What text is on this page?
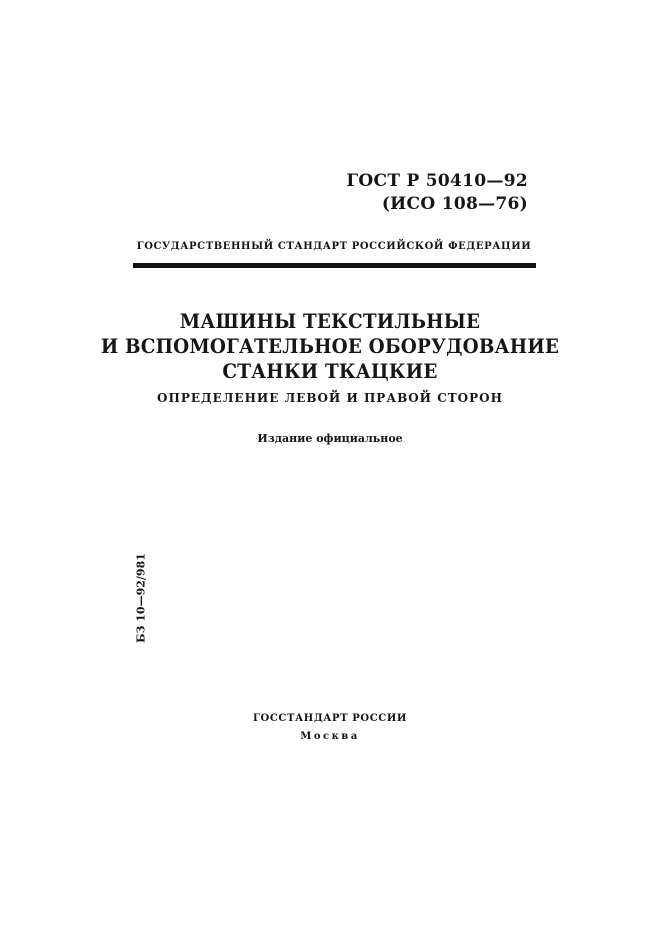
ГОСТ Р 50410—92
(ИСО 108—76)
ГОСУДАРСТВЕННЫЙ СТАНДАРТ РОССИЙСКОЙ ФЕДЕРАЦИИ
МАШИНЫ ТЕКСТИЛЬНЫЕ
И ВСПОМОГАТЕЛЬНОЕ ОБОРУДОВАНИЕ
СТАНКИ ТКАЦКИЕ
ОПРЕДЕЛЕНИЕ ЛЕВОЙ И ПРАВОЙ СТОРОН
Издание официальное
БЗ 10—92/981
ГОССТАНДАРТ РОССИИ
Москва
